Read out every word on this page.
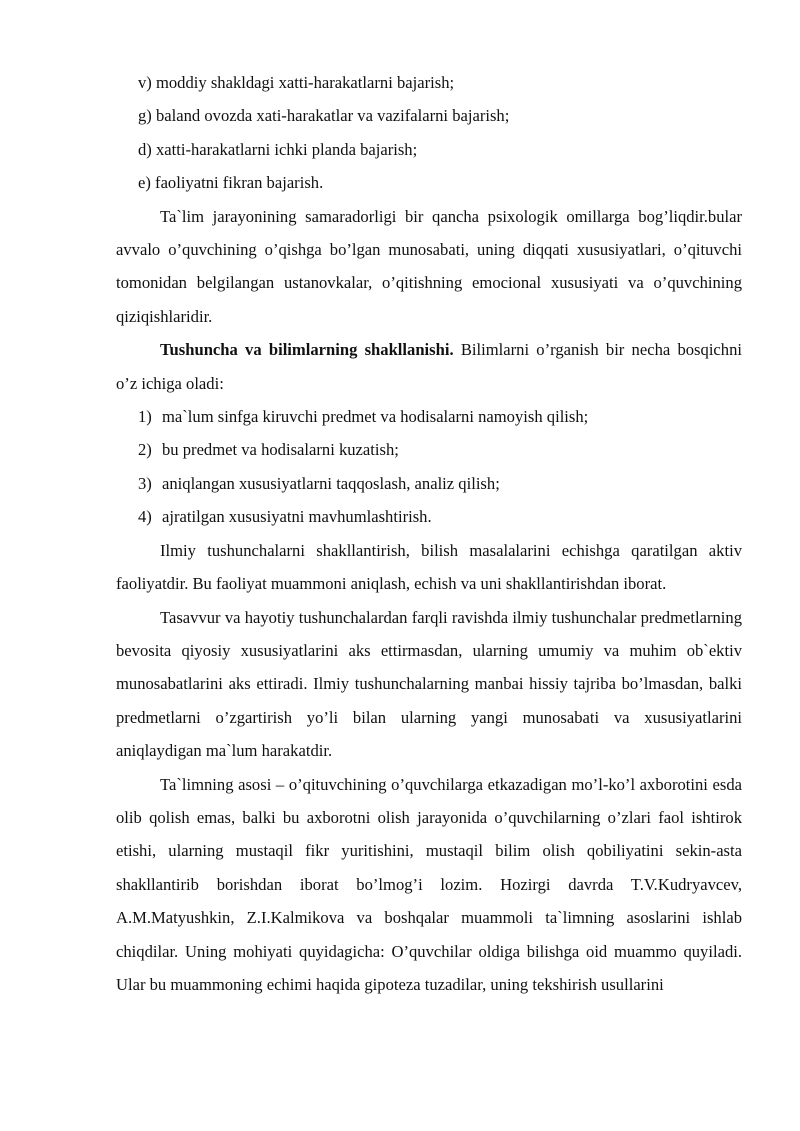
v) moddiy shakldagi xatti-harakatlarni bajarish;

g) baland ovozda xati-harakatlar va vazifalarni bajarish;

d) xatti-harakatlarni ichki planda bajarish;

e) faoliyatni fikran bajarish.

Ta`lim jarayonining samaradorligi bir qancha psixologik omillarga bog’liqdir.bular avvalo o’quvchining o’qishga bo’lgan munosabati, uning diqqati xususiyatlari, o’qituvchi tomonidan belgilangan ustanovkalar, o’qitishning emocional xususiyati va o’quvchining qiziqishlaridir.

Tushuncha va bilimlarning shakllanishi. Bilimlarni o’rganish bir necha bosqichni o’z ichiga oladi:

1) ma`lum sinfga kiruvchi predmet va hodisalarni namoyish qilish;
2) bu predmet va hodisalarni kuzatish;
3) aniqlangan xususiyatlarni taqqoslash, analiz qilish;
4) ajratilgan xususiyatni mavhumlashtirish.

Ilmiy tushunchalarni shakllantirish, bilish masalalarini echishga qaratilgan aktiv faoliyatdir. Bu faoliyat muammoni aniqlash, echish va uni shakllantirishdan iborat.

Tasavvur va hayotiy tushunchalardan farqli ravishda ilmiy tushunchalar predmetlarning bevosita qiyosiy xususiyatlarini aks ettirmasdan, ularning umumiy va muhim ob`ektiv munosabatlarini aks ettiradi. Ilmiy tushunchalarning manbai hissiy tajriba bo’lmasdan, balki predmetlarni o’zgartirish yo’li bilan ularning yangi munosabati va xususiyatlarini aniqlaydigan ma`lum harakatdir.

Ta`limning asosi – o’qituvchining o’quvchilarga etkazadigan mo’l-ko’l axborotini esda olib qolish emas, balki bu axborotni olish jarayonida o’quvchilarning o’zlari faol ishtirok etishi, ularning mustaqil fikr yuritishini, mustaqil bilim olish qobiliyatini sekin-asta shakllantirib borishdan iborat bo’lmog’i lozim. Hozirgi davrda T.V.Kudryavcev, A.M.Matyushkin, Z.I.Kalmikova va boshqalar muammoli ta`limning asoslarini ishlab chiqdilar. Uning mohiyati quyidagicha: O’quvchilar oldiga bilishga oid muammo quyiladi. Ular bu muammoning echimi haqida gipoteza tuzadilar, uning tekshirish usullarini
